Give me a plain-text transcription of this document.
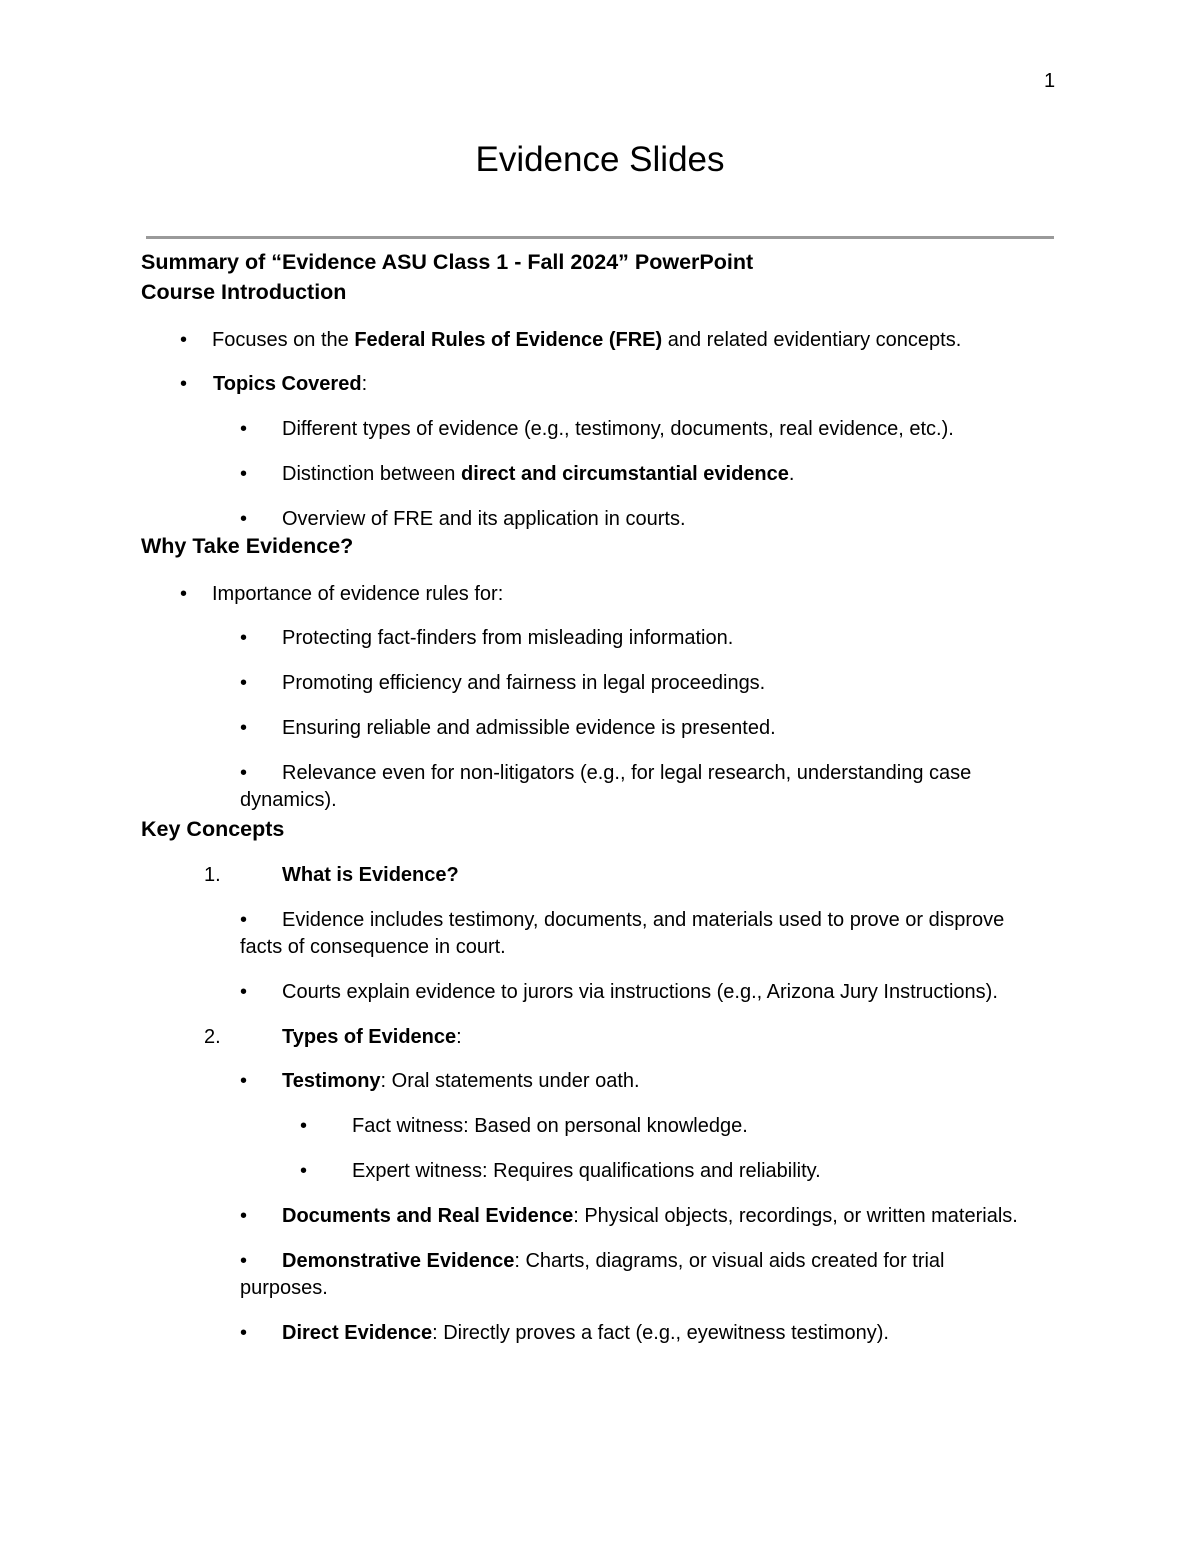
1
Evidence Slides
Summary of “Evidence ASU Class 1 - Fall 2024” PowerPoint
Course Introduction
• Focuses on the Federal Rules of Evidence (FRE) and related evidentiary concepts.
• Topics Covered:
• Different types of evidence (e.g., testimony, documents, real evidence, etc.).
• Distinction between direct and circumstantial evidence.
• Overview of FRE and its application in courts.
Why Take Evidence?
• Importance of evidence rules for:
• Protecting fact-finders from misleading information.
• Promoting efficiency and fairness in legal proceedings.
• Ensuring reliable and admissible evidence is presented.
• Relevance even for non-litigators (e.g., for legal research, understanding case
dynamics).
Key Concepts
1.	What is Evidence?
• Evidence includes testimony, documents, and materials used to prove or disprove
facts of consequence in court.
• Courts explain evidence to jurors via instructions (e.g., Arizona Jury Instructions).
2.	Types of Evidence:
• Testimony: Oral statements under oath.
• Fact witness: Based on personal knowledge.
• Expert witness: Requires qualifications and reliability.
• Documents and Real Evidence: Physical objects, recordings, or written materials.
• Demonstrative Evidence: Charts, diagrams, or visual aids created for trial
purposes.
• Direct Evidence: Directly proves a fact (e.g., eyewitness testimony).
